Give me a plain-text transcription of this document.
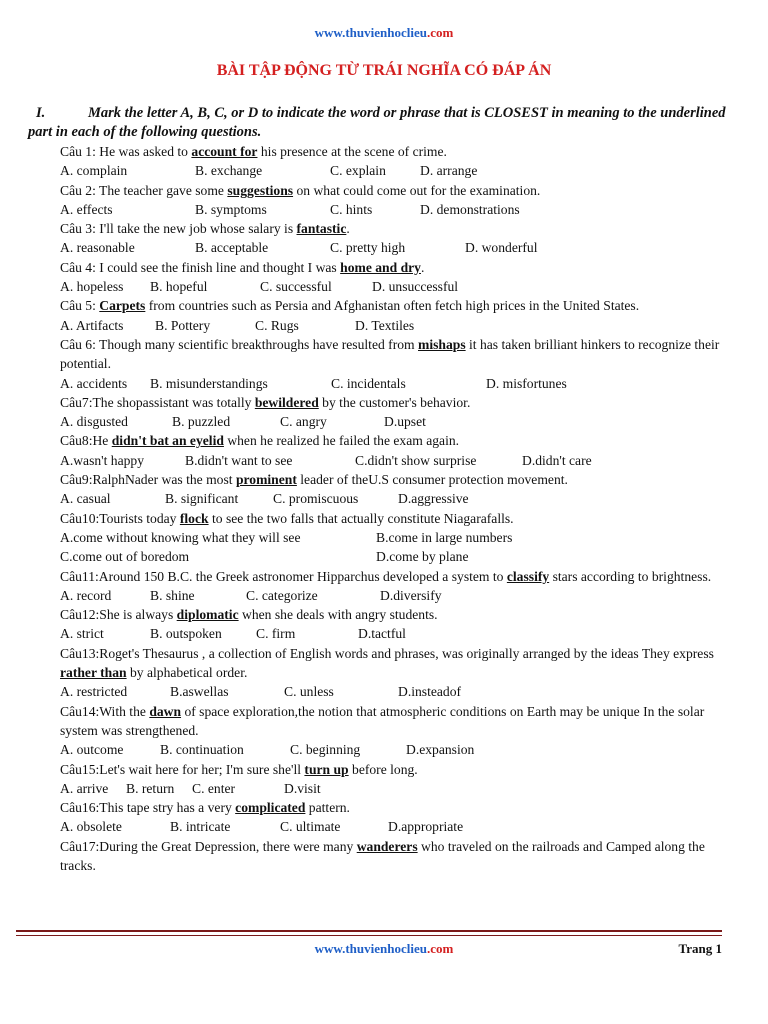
www.thuvienhoclieu.com
BÀI TẬP ĐỘNG TỪ TRÁI NGHĨA CÓ ĐÁP ÁN
I.	Mark the letter A, B, C, or D to indicate the word or phrase that is CLOSEST in meaning to the underlined part in each of the following questions.
Câu 1: He was asked to account for his presence at the scene of crime.
A. complain	B. exchange	C. explain	D. arrange
Câu 2: The teacher gave some suggestions on what could come out for the examination.
A. effects	B. symptoms	C. hints	D. demonstrations
Câu 3: I'll take the new job whose salary is fantastic.
A. reasonable	B. acceptable	C. pretty high	D. wonderful
Câu 4: I could see the finish line and thought I was home and dry.
A. hopeless	B. hopeful	C. successful	D. unsuccessful
Câu 5: Carpets from countries such as Persia and Afghanistan often fetch high prices in the United States.
A. Artifacts	B. Pottery	C. Rugs	D. Textiles
Câu 6: Though many scientific breakthroughs have resulted from mishaps it has taken brilliant hinkers to recognize their potential.
A. accidents	B. misunderstandings	C. incidentals	D. misfortunes
Câu7:The shopassistant was totally bewildered by the customer's behavior.
A. disgusted	B. puzzled	C. angry	D.upset
Câu8:He didn't bat an eyelid when he realized he failed the exam again.
A.wasn't happy	B.didn't want to see	C.didn't show surprise	D.didn't care
Câu9:RalphNader was the most prominent leader of theU.S consumer protection movement.
A. casual	B. significant	C. promiscuous	D.aggressive
Câu10:Tourists today flock to see the two falls that actually constitute Niagarafalls.
A.come without knowing what they will see	B.come in large numbers
C.come out of boredom	D.come by plane
Câu11:Around 150 B.C. the Greek astronomer Hipparchus developed a system to classify stars according to brightness.
A. record	B. shine	C. categorize	D.diversify
Câu12:She is always diplomatic when she deals with angry students.
A. strict	B. outspoken	C. firm	D.tactful
Câu13:Roget's Thesaurus , a collection of English words and phrases, was originally arranged by the ideas They express rather than by alphabetical order.
A. restricted	B.aswellas	C. unless	D.insteadof
Câu14:With the dawn of space exploration,the notion that atmospheric conditions on Earth may be unique In the solar system was strengthened.
A. outcome	B. continuation	C. beginning	D.expansion
Câu15:Let's wait here for her; I'm sure she'll turn up before long.
A. arrive	B. return	C. enter	D.visit
Câu16:This tape stry has a very complicated pattern.
A. obsolete	B. intricate	C. ultimate	D.appropriate
Câu17:During the Great Depression, there were many wanderers who traveled on the railroads and Camped along the tracks.
www.thuvienhoclieu.com	Trang 1
